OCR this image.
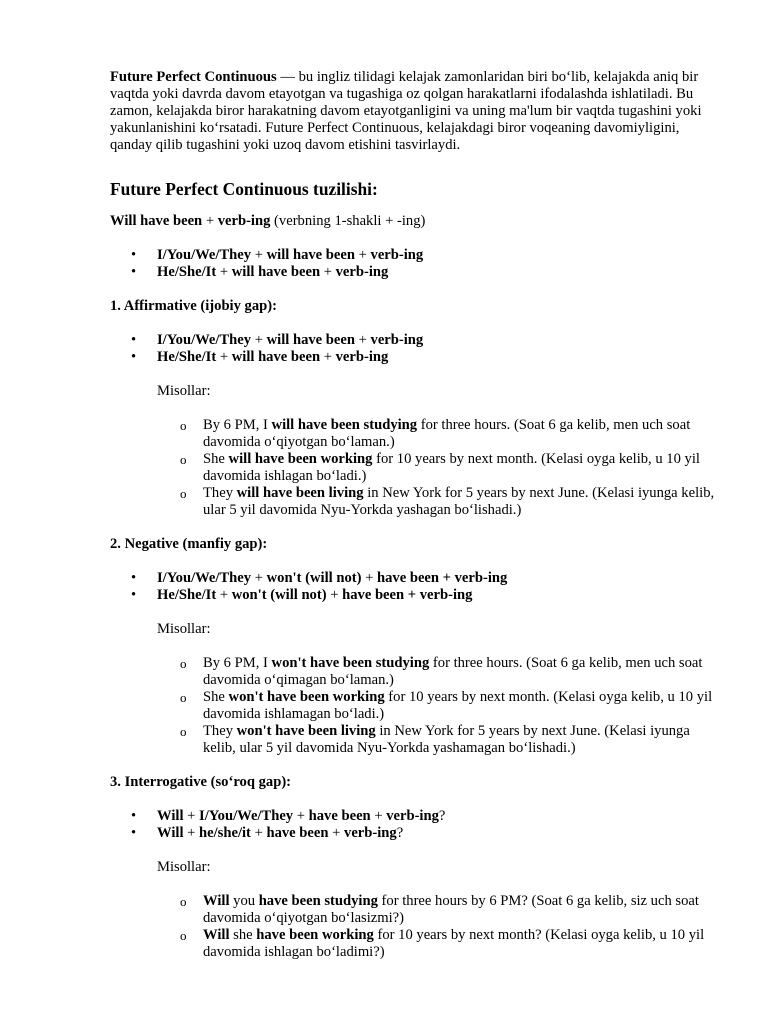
Future Perfect Continuous — bu ingliz tilidagi kelajak zamonlaridan biri bo‘lib, kelajakda aniq bir vaqtda yoki davrda davom etayotgan va tugashiga oz qolgan harakatlarni ifodalashda ishlatiladi. Bu zamon, kelajakda biror harakatning davom etayotganligini va uning ma'lum bir vaqtda tugashini yoki yakunlanishini ko‘rsatadi. Future Perfect Continuous, kelajakdagi biror voqeaning davomiyligini, qanday qilib tugashini yoki uzoq davom etishini tasvirlaydi.

Future Perfect Continuous tuzilishi:

Will have been + verb-ing (verbning 1-shakli + -ing)

• I/You/We/They + will have been + verb-ing
• He/She/It + will have been + verb-ing

1. Affirmative (ijobiy gap):

• I/You/We/They + will have been + verb-ing
• He/She/It + will have been + verb-ing

Misollar:

o By 6 PM, I will have been studying for three hours. (Soat 6 ga kelib, men uch soat davomida o‘qiyotgan bo‘laman.)
o She will have been working for 10 years by next month. (Kelasi oyga kelib, u 10 yil davomida ishlagan bo‘ladi.)
o They will have been living in New York for 5 years by next June. (Kelasi iyunga kelib, ular 5 yil davomida Nyu-Yorkda yashagan bo‘lishadi.)

2. Negative (manfiy gap):

• I/You/We/They + won't (will not) + have been + verb-ing
• He/She/It + won't (will not) + have been + verb-ing

Misollar:

o By 6 PM, I won't have been studying for three hours. (Soat 6 ga kelib, men uch soat davomida o‘qimagan bo‘laman.)
o She won't have been working for 10 years by next month. (Kelasi oyga kelib, u 10 yil davomida ishlamagan bo‘ladi.)
o They won't have been living in New York for 5 years by next June. (Kelasi iyunga kelib, ular 5 yil davomida Nyu-Yorkda yashamagan bo‘lishadi.)

3. Interrogative (so‘roq gap):

• Will + I/You/We/They + have been + verb-ing?
• Will + he/she/it + have been + verb-ing?

Misollar:

o Will you have been studying for three hours by 6 PM? (Soat 6 ga kelib, siz uch soat davomida o‘qiyotgan bo‘lasizmi?)
o Will she have been working for 10 years by next month? (Kelasi oyga kelib, u 10 yil davomida ishlagan bo‘ladimi?)
